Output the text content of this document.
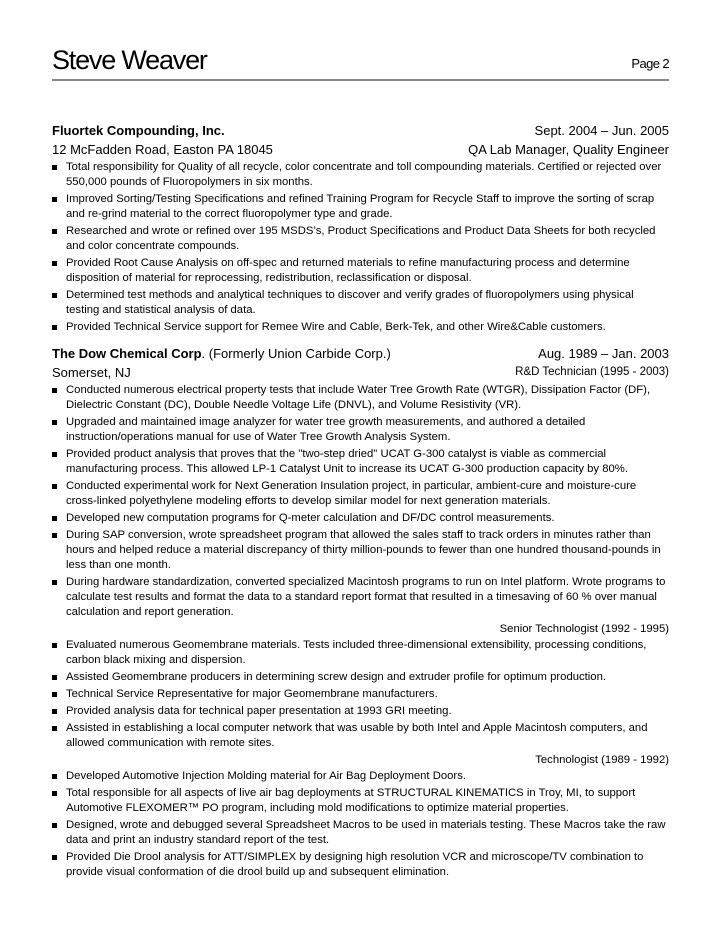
Steve Weaver	Page 2
Fluortek Compounding, Inc.	Sept. 2004 – Jun. 2005
12 McFadden Road, Easton PA 18045	QA Lab Manager, Quality Engineer
Total responsibility for Quality of all recycle, color concentrate and toll compounding materials. Certified or rejected over 550,000 pounds of Fluoropolymers in six months.
Improved Sorting/Testing Specifications and refined Training Program for Recycle Staff to improve the sorting of scrap and re-grind material to the correct fluoropolymer type and grade.
Researched and wrote or refined over 195 MSDS’s, Product Specifications and Product Data Sheets for both recycled and color concentrate compounds.
Provided Root Cause Analysis on off-spec and returned materials to refine manufacturing process and determine disposition of material for reprocessing, redistribution, reclassification or disposal.
Determined test methods and analytical techniques to discover and verify grades of fluoropolymers using physical testing and statistical analysis of data.
Provided Technical Service support for Remee Wire and Cable, Berk-Tek, and other Wire&Cable customers.
The Dow Chemical Corp. (Formerly Union Carbide Corp.)	Aug. 1989 – Jan. 2003
Somerset, NJ	R&D Technician (1995 - 2003)
Conducted numerous electrical property tests that include Water Tree Growth Rate (WTGR), Dissipation Factor (DF), Dielectric Constant (DC), Double Needle Voltage Life (DNVL), and Volume Resistivity (VR).
Upgraded and maintained image analyzer for water tree growth measurements, and authored a detailed instruction/operations manual for use of Water Tree Growth Analysis System.
Provided product analysis that proves that the "two-step dried" UCAT G-300 catalyst is viable as commercial manufacturing process. This allowed LP-1 Catalyst Unit to increase its UCAT G-300 production capacity by 80%.
Conducted experimental work for Next Generation Insulation project, in particular, ambient-cure and moisture-cure cross-linked polyethylene modeling efforts to develop similar model for next generation materials.
Developed new computation programs for Q-meter calculation and DF/DC control measurements.
During SAP conversion, wrote spreadsheet program that allowed the sales staff to track orders in minutes rather than hours and helped reduce a material discrepancy of thirty million-pounds to fewer than one hundred thousand-pounds in less than one month.
During hardware standardization, converted specialized Macintosh programs to run on Intel platform. Wrote programs to calculate test results and format the data to a standard report format that resulted in a timesaving of 60 % over manual calculation and report generation.
Senior Technologist (1992 - 1995)
Evaluated numerous Geomembrane materials. Tests included three-dimensional extensibility, processing conditions, carbon black mixing and dispersion.
Assisted Geomembrane producers in determining screw design and extruder profile for optimum production.
Technical Service Representative for major Geomembrane manufacturers.
Provided analysis data for technical paper presentation at 1993 GRI meeting.
Assisted in establishing a local computer network that was usable by both Intel and Apple Macintosh computers, and allowed communication with remote sites.
Technologist (1989 - 1992)
Developed Automotive Injection Molding material for Air Bag Deployment Doors.
Total responsible for all aspects of live air bag deployments at STRUCTURAL KINEMATICS in Troy, MI, to support Automotive FLEXOMER™ PO program, including mold modifications to optimize material properties.
Designed, wrote and debugged several Spreadsheet Macros to be used in materials testing. These Macros take the raw data and print an industry standard report of the test.
Provided Die Drool analysis for ATT/SIMPLEX by designing high resolution VCR and microscope/TV combination to provide visual conformation of die drool build up and subsequent elimination.
